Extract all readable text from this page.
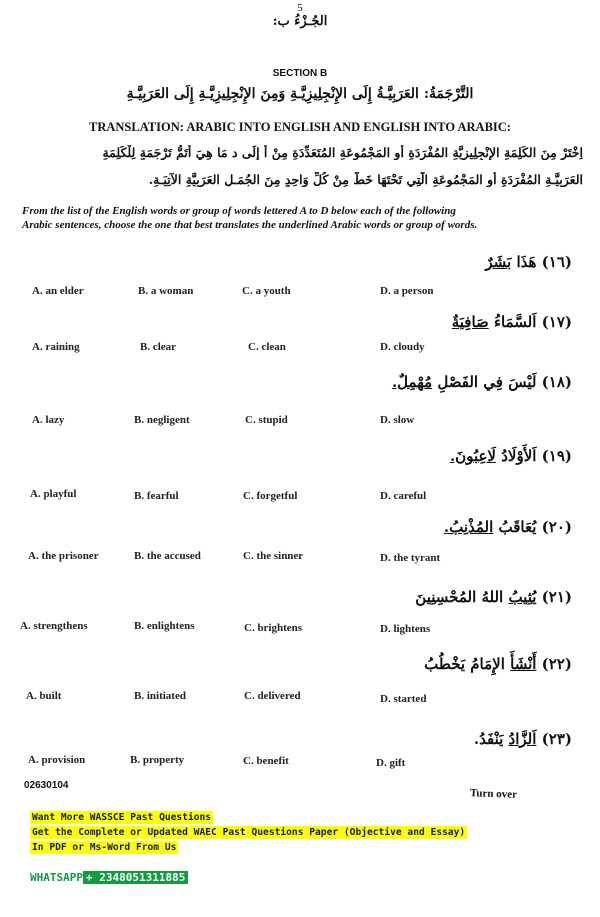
5
الجُـزْءُ ب:
SECTION B
التَّرْجَمَةُ: العَرَبِيَّـةُ إِلَى الإِنْجِلِيزِيَّـةِ وَمِنَ الإِنْجِلِيزِيَّـةِ إِلَى العَرَبِيَّـةِ
TRANSLATION: ARABIC INTO ENGLISH AND ENGLISH INTO ARABIC:
اِخْتَرْ مِنَ الكَلِمَةِ الإِنْجِلِيزِيَّةِ المُفْرَدَةِ أَوِ المَجْمُوعَةِ المُتَعَدِّدَةِ مِنْ أ إِلَى د مَا هِيَ أَتَمُّ تَرْجَمَةٍ لِلْكَلِمَةِ
العَرَبِيَّـةِ المُفْرَدَةِ أَوِ المَجْمُوعَةِ الَّتِي تَحْتَهَا خَطٌّ مِنْ كُلِّ وَاحِدٍ مِنَ الجُمَـلِ العَرَبِيَّةِ الآتِيَـةِ.
From the list of the English words or group of words lettered A to D below each of the following
Arabic sentences, choose the one that best translates the underlined Arabic words or group of words.
(١٦) هَذَا بَشَرٌ
A. an elder	B. a woman	C. a youth	D. a person
(١٧) اَلسَّمَاءُ صَافِيَةٌ
A. raining	B. clear	C. clean	D. cloudy
(١٨) لَيْسَ فِي الفَصْلِ مُهْمِلٌ.
A. lazy	B. negligent	C. stupid	D. slow
(١٩) اَلأَوْلَادُ لَاعِبُونَ.
A. playful	B. fearful	C. forgetful	D. careful
(٢٠) يُعَاقَبُ المُذْنِبُ.
A. the prisoner	B. the accused	C. the sinner	D. the tyrant
(٢١) يُثِيبُ اللهُ المُحْسِنِينَ
A. strengthens	B. enlightens	C. brightens	D. lightens
(٢٢) أَنْشَأَ الإِمَامُ يَخْطُبُ
A. built	B. initiated	C. delivered	D. started
(٢٣) اَلزَّادُ يَنْفَدُ.
A. provision	B. property	C. benefit	D. gift
02630104
Turn over
Want More WASSCE Past Questions
Get the Complete or Updated WAEC Past Questions Paper (Objective and Essay)
In PDF or Ms-Word From Us
WHATSAPP + 2348051311885
